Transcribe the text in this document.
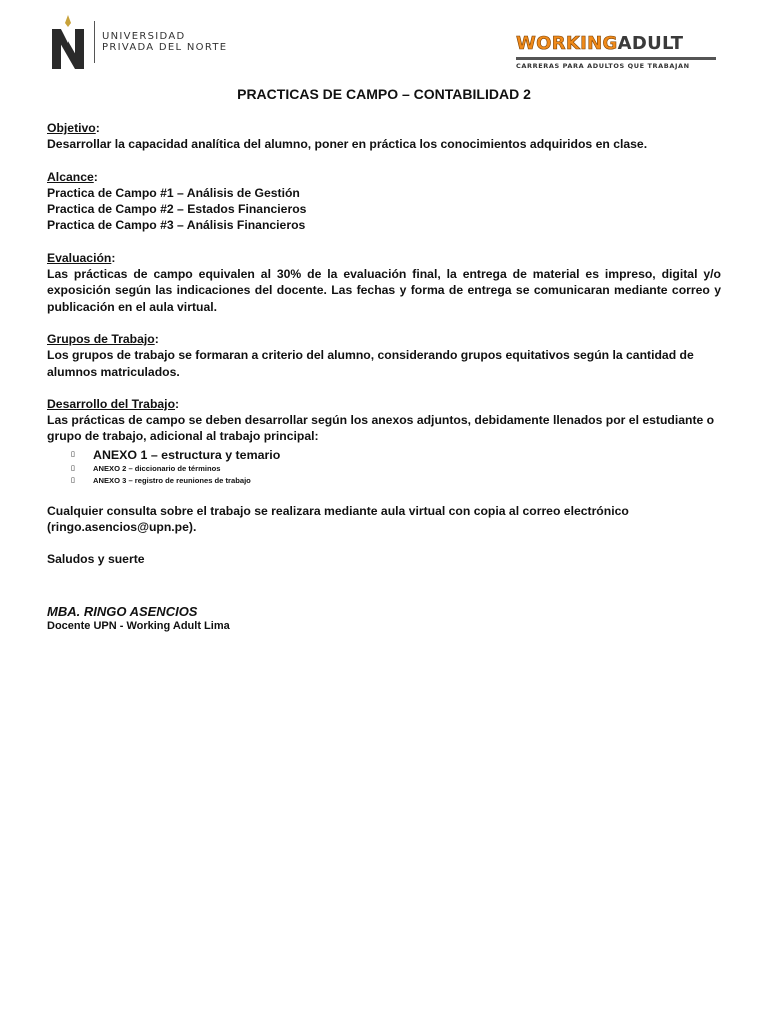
UNIVERSIDAD
PRIVADA DEL NORTE	WORKING ADULT
CARRERAS PARA ADULTOS QUE TRABAJAN
PRACTICAS DE CAMPO – CONTABILIDAD 2
Objetivo:

Desarrollar la capacidad analítica del alumno, poner en práctica los conocimientos adquiridos en clase.

Alcance:
Practica de Campo #1 – Análisis de Gestión
Practica de Campo #2 – Estados Financieros
Practica de Campo #3 – Análisis Financieros
Evaluación:

Las prácticas de campo equivalen al 30% de la evaluación final, la entrega de material es impreso, digital y/o exposición según las indicaciones del docente. Las fechas y forma de entrega se comunicaran mediante correo y publicación en el aula virtual.

Grupos de Trabajo:

Los grupos de trabajo se formaran a criterio del alumno, considerando grupos equitativos según la cantidad de alumnos matriculados.

Desarrollo del Trabajo:

Las prácticas de campo se deben desarrollar según los anexos adjuntos, debidamente llenados por el estudiante o grupo de trabajo, adicional al trabajo principal:

▯ ANEXO 1 – estructura y temario
▯ ANEXO 2 – diccionario de términos
▯ ANEXO 3 – registro de reuniones de trabajo
Cualquier consulta sobre el trabajo se realizara mediante aula virtual con copia al correo electrónico
(ringo.asencios@upn.pe).
Saludos y suerte
MBA. RINGO ASENCIOS
Docente UPN - Working Adult Lima
